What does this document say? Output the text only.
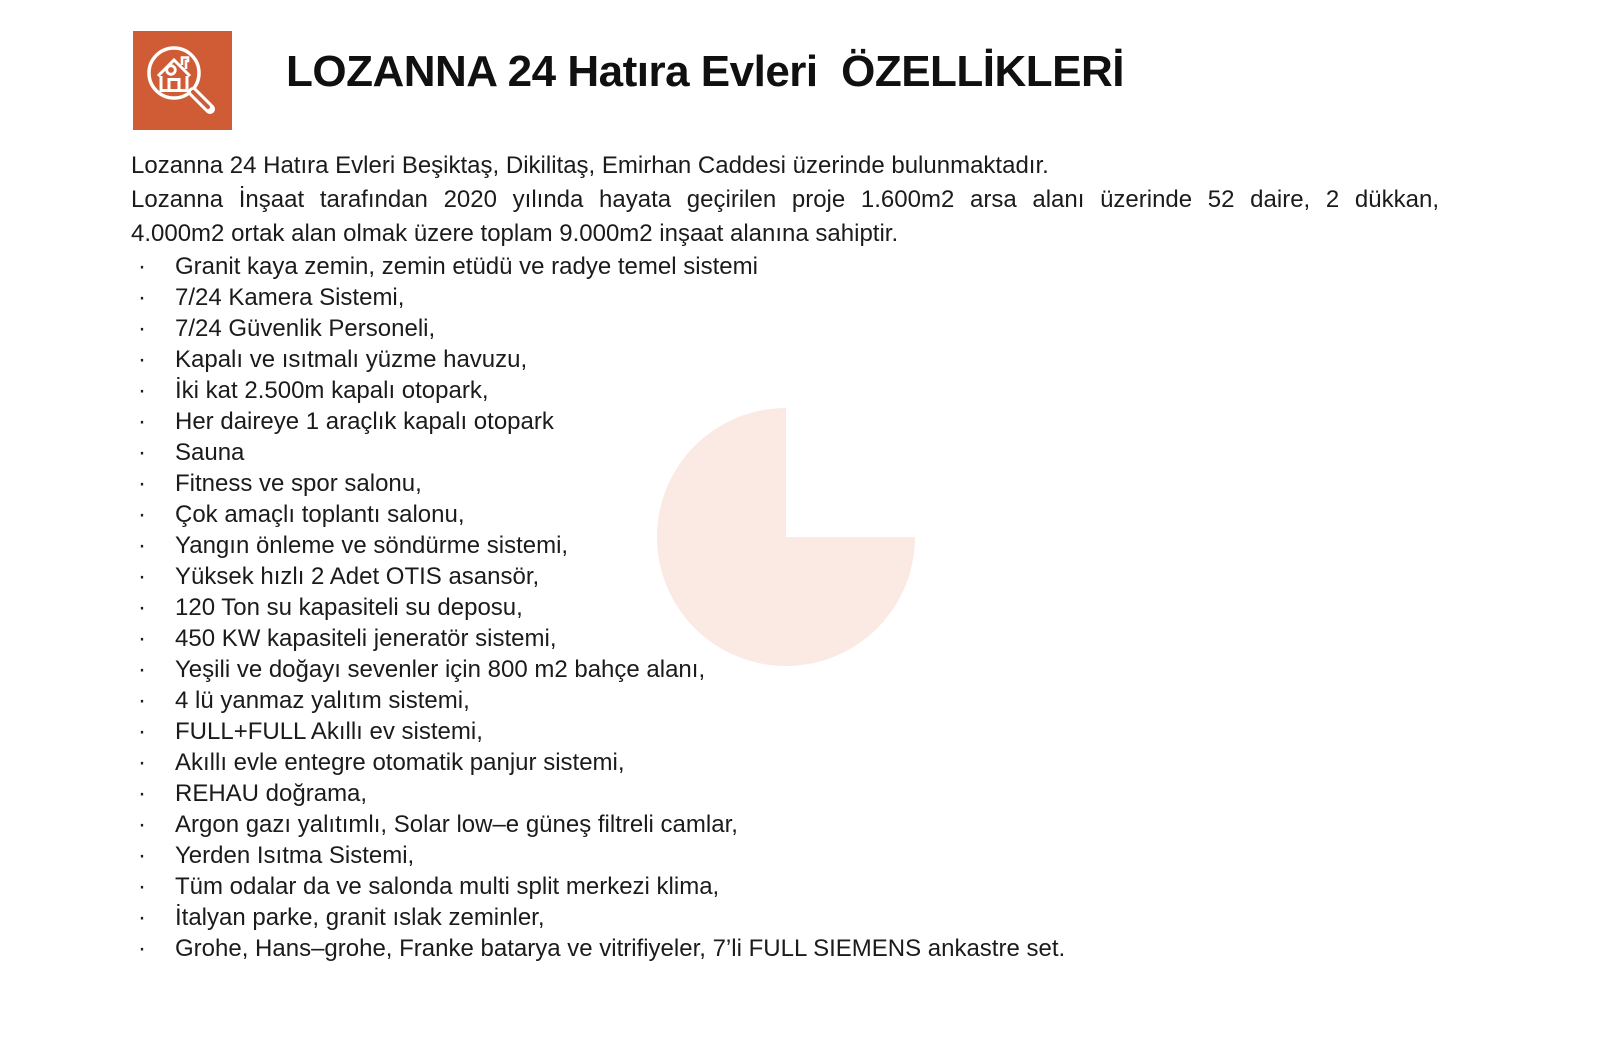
LOZANNA 24 Hatıra Evleri  ÖZELLİKLERİ
Lozanna 24 Hatıra Evleri Beşiktaş, Dikilitaş, Emirhan Caddesi üzerinde bulunmaktadır.
Lozanna İnşaat tarafından 2020 yılında hayata geçirilen proje 1.600m2 arsa alanı üzerinde 52 daire, 2 dükkan,
4.000m2 ortak alan olmak üzere toplam 9.000m2 inşaat alanına sahiptir.
·	Granit kaya zemin, zemin etüdü ve radye temel sistemi
·	7/24 Kamera Sistemi,
·	7/24 Güvenlik Personeli,
·	Kapalı ve ısıtmalı yüzme havuzu,
·	İki kat 2.500m kapalı otopark,
·	Her daireye 1 araçlık kapalı otopark
·	Sauna
·	Fitness ve spor salonu,
·	Çok amaçlı toplantı salonu,
·	Yangın önleme ve söndürme sistemi,
·	Yüksek hızlı 2 Adet OTIS asansör,
·	120 Ton su kapasiteli su deposu,
·	450 KW kapasiteli jeneratör sistemi,
·	Yeşili ve doğayı sevenler için 800 m2 bahçe alanı,
·	4 lü yanmaz yalıtım sistemi,
·	FULL+FULL Akıllı ev sistemi,
·	Akıllı evle entegre otomatik panjur sistemi,
·	REHAU doğrama,
·	Argon gazı yalıtımlı, Solar low–e güneş filtreli camlar,
·	Yerden Isıtma Sistemi,
·	Tüm odalar da ve salonda multi split merkezi klima,
·	İtalyan parke, granit ıslak zeminler,
·	Grohe, Hans–grohe, Franke batarya ve vitrifiyeler, 7’li FULL SIEMENS ankastre set.
